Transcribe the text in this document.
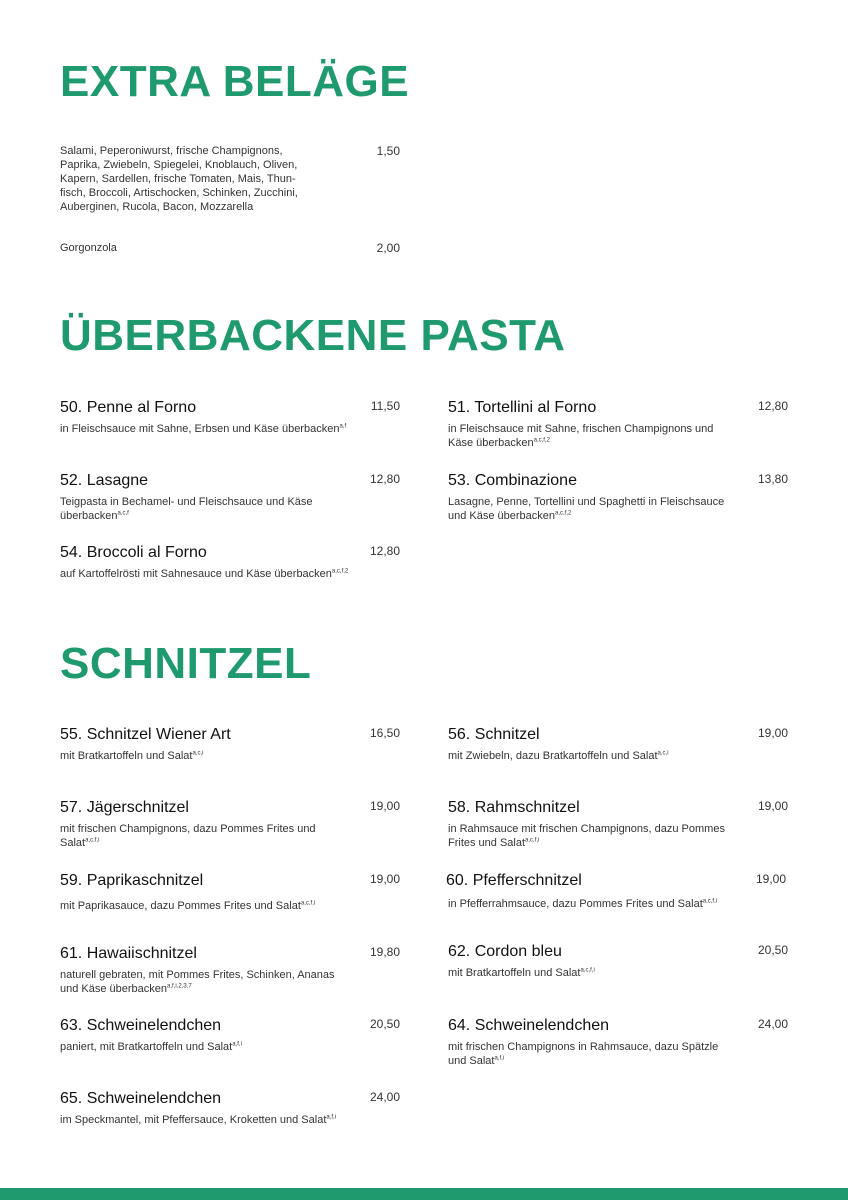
EXTRA BELÄGE
Salami, Peperoniwurst, frische Champignons, Paprika, Zwiebeln, Spiegelei, Knoblauch, Oliven, Kapern, Sardellen, frische Tomaten, Mais, Thun-fisch, Broccoli, Artischocken, Schinken, Zucchini, Auberginen, Rucola, Bacon, Mozzarella
1,50
Gorgonzola	2,00
ÜBERBACKENE PASTA
50. Penne al Forno	11,50
in Fleischsauce mit Sahne, Erbsen und Käse überbacken$^{a,f}$
51. Tortellini al Forno	12,80
in Fleischsauce mit Sahne, frischen Champignons und Käse überbacken$^{a,c,f,2}$
52. Lasagne	12,80
Teigpasta in Bechamel- und Fleischsauce und Käse überbacken$^{a,c,f}$
53. Combinazione	13,80
Lasagne, Penne, Tortellini und Spaghetti in Fleischsauce und Käse überbacken$^{a,c,f,2}$
54. Broccoli al Forno	12,80
auf Kartoffelrösti mit Sahnesauce und Käse überbacken$^{a,c,f,2}$
SCHNITZEL
55. Schnitzel Wiener Art	16,50
mit Bratkartoffeln und Salat$^{a,c,i}$
56. Schnitzel	19,00
mit Zwiebeln, dazu Bratkartoffeln und Salat$^{a,c,i}$
57. Jägerschnitzel	19,00
mit frischen Champignons, dazu Pommes Frites und Salat$^{a,c,f,i}$
58. Rahmschnitzel	19,00
in Rahmsauce mit frischen Champignons, dazu Pommes Frites und Salat$^{a,c,f,i}$
59. Paprikaschnitzel	19,00
mit Paprikasauce, dazu Pommes Frites und Salat$^{a,c,f,i}$
60. Pfefferschnitzel	19,00
in Pfefferrahmsauce, dazu Pommes Frites und Salat$^{a,c,f,i}$
61. Hawaiischnitzel	19,80
naturell gebraten, mit Pommes Frites, Schinken, Ananas und Käse überbacken$^{a,f,i,2,3,7}$
62. Cordon bleu	20,50
mit Bratkartoffeln und Salat$^{a,c,f,i}$
63. Schweinelendchen	20,50
paniert, mit Bratkartoffeln und Salat$^{a,f,i}$
64. Schweinelendchen	24,00
mit frischen Champignons in Rahmsauce, dazu Spätzle und Salat$^{a,f,i}$
65. Schweinelendchen	24,00
im Speckmantel, mit Pfeffersauce, Kroketten und Salat$^{a,f,i}$
